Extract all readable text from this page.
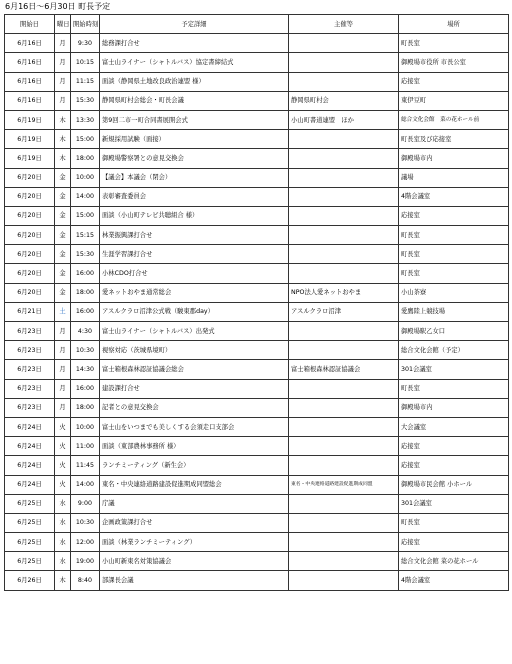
6月16日～6月30日 町長予定
開始日	曜日	開始時刻	予定詳細	主催等	場所
6月16日	月	9:30	総務課打合せ		町長室
6月16日	月	10:15	富士山ライナー（シャトルバス）協定書締結式		御殿場市役所 市長公室
6月16日	月	11:15	面談（静岡県土地改良政治連盟 様）		応接室
6月16日	月	15:30	静岡県町村会総会・町長会議	静岡県町村会	東伊豆町
6月19日	木	13:30	第9回二市一町合同書展開会式	小山町書道連盟　ほか	総合文化会館　菜の花ホール前
6月19日	木	15:00	新規採用試験（面接）		町長室及び応接室
6月19日	木	18:00	御殿場警察署との意見交換会		御殿場市内
6月20日	金	10:00	【議会】本議会（閉会）		議場
6月20日	金	14:00	表彰審査委員会		4階会議室
6月20日	金	15:00	面談（小山町テレビ共聴組合 様）		応接室
6月20日	金	15:15	林業振興課打合せ		町長室
6月20日	金	15:30	生涯学習課打合せ		町長室
6月20日	金	16:00	小林CDO打合せ		町長室
6月20日	金	18:00	愛ネットおやま通常総会	NPO法人愛ネットおやま	小山茶寮
6月21日	土	16:00	アスルクラロ沼津公式戦（駿東郡day）	アスルクラロ沼津	愛鷹陸上競技場
6月23日	月	4:30	富士山ライナー（シャトルバス）出発式		御殿場駅乙女口
6月23日	月	10:30	視察対応（茨城県境町）		総合文化会館（予定）
6月23日	月	14:30	富士箱根森林認証協議会総会	富士箱根森林認証協議会	301会議室
6月23日	月	16:00	建設課打合せ		町長室
6月23日	月	18:00	記者との意見交換会		御殿場市内
6月24日	火	10:00	富士山をいつまでも美しくする会須走口支部会		大会議室
6月24日	火	11:00	面談（東部農林事務所 様）		応接室
6月24日	火	11:45	ランチミーティング（新生会）		応接室
6月24日	火	14:00	東名・中央連絡道路建設促進期成同盟総会	東名・中央連絡道路建設促進期成同盟	御殿場市民会館 小ホール
6月25日	水	9:00	庁議		301会議室
6月25日	水	10:30	企画政策課打合せ		町長室
6月25日	水	12:00	面談（林業ランチミーティング）		応接室
6月25日	水	19:00	小山町新東名対策協議会		総合文化会館 菜の花ホール
6月26日	木	8:40	部課長会議		4階会議室
